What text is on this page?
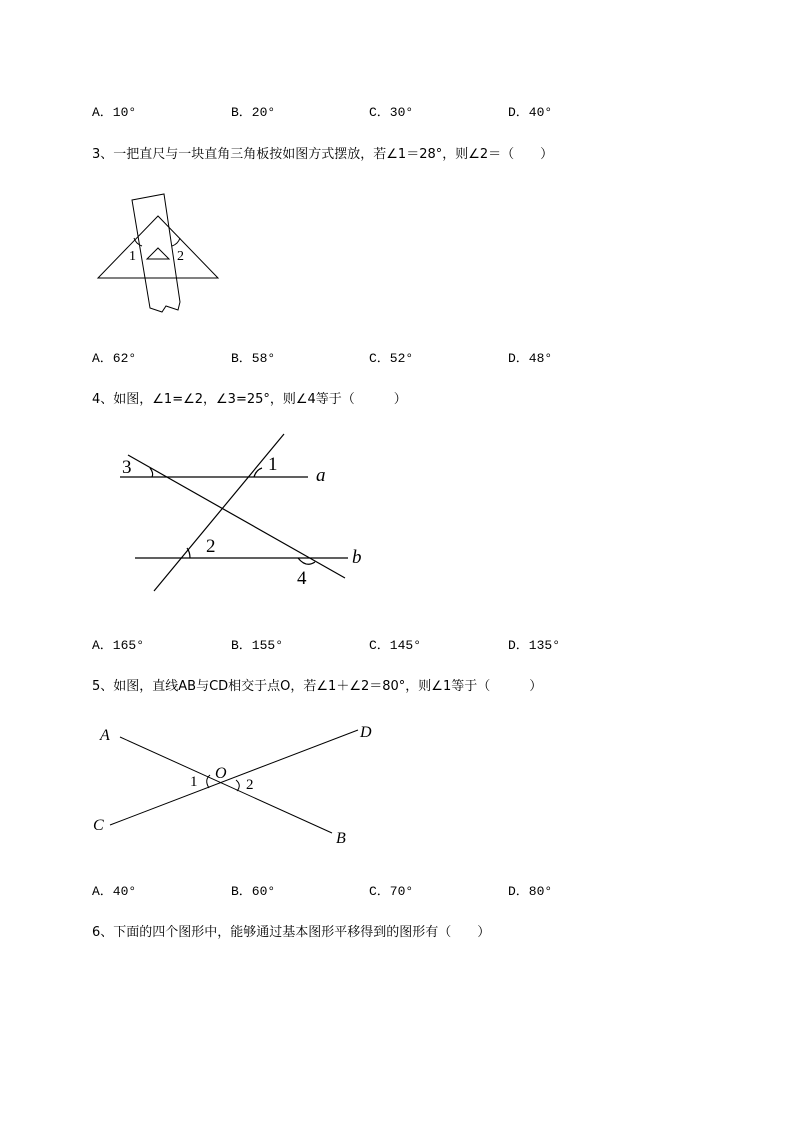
A．10°	B．20°	C．30°	D．40°
3、一把直尺与一块直角三角板按如图方式摆放，若∠1＝28°，则∠2＝（　　）
1	2
A．62°	B．58°	C．52°	D．48°
4、如图，∠1=∠2，∠3=25°，则∠4等于（　　　）
3	1
a
2
b
4
A．165°	B．155°	C．145°	D．135°
5、如图，直线AB与CD相交于点O，若∠1＋∠2＝80°，则∠1等于（　　　）
A	D
O
1	2
C
B
A．40°	B．60°	C．70°	D．80°
6、下面的四个图形中，能够通过基本图形平移得到的图形有（　　）
